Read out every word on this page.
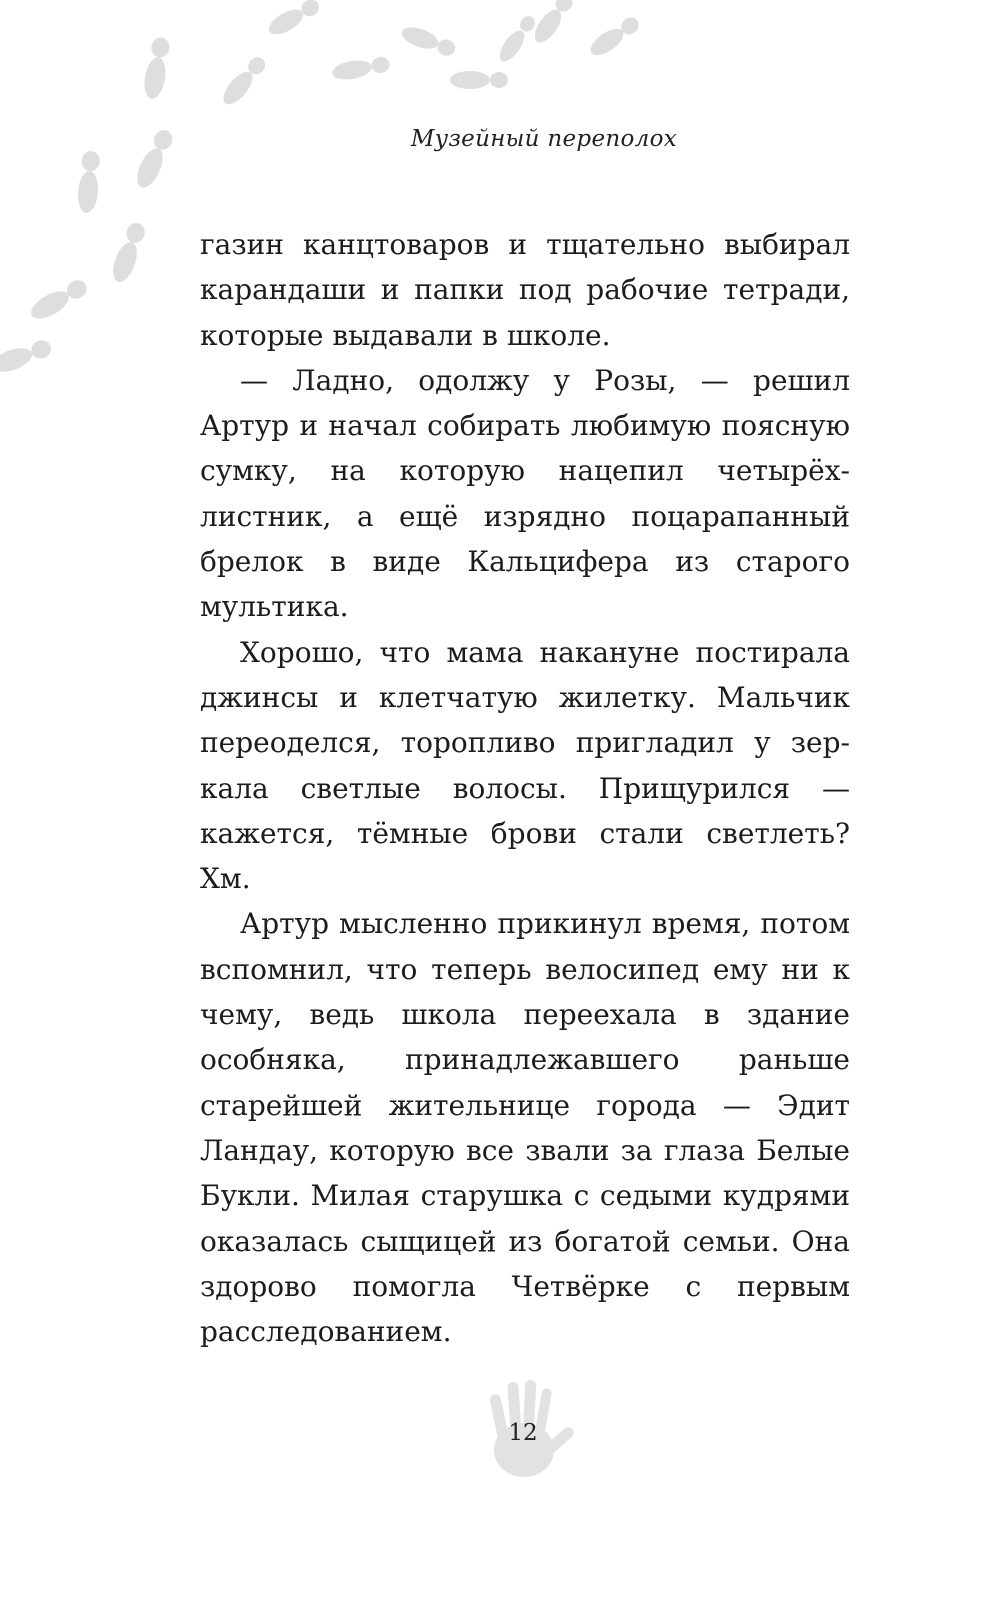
Музейный переполох

газин канцтоваров и тщательно выбирал карандаши и папки под рабочие тетради, которые выдавали в школе.

— Ладно, одолжу у Розы, — решил Артур и начал собирать любимую поясную сумку, на которую нацепил четырёхлистник, а ещё изрядно поцарапанный брелок в виде Кальцифера из старого мультика.

Хорошо, что мама накануне постирала джинсы и клетчатую жилетку. Мальчик переоделся, торопливо пригладил у зеркала светлые волосы. Прищурился — кажется, тёмные брови стали светлеть? Хм.

Артур мысленно прикинул время, потом вспомнил, что теперь велосипед ему ни к чему, ведь школа переехала в здание особняка, принадлежавшего раньше старейшей жительнице города — Эдит Ландау, которую все звали за глаза Белые Букли. Милая старушка с седыми кудрями оказалась сыщицей из богатой семьи. Она здорово помогла Четвёрке с первым расследованием.

12
